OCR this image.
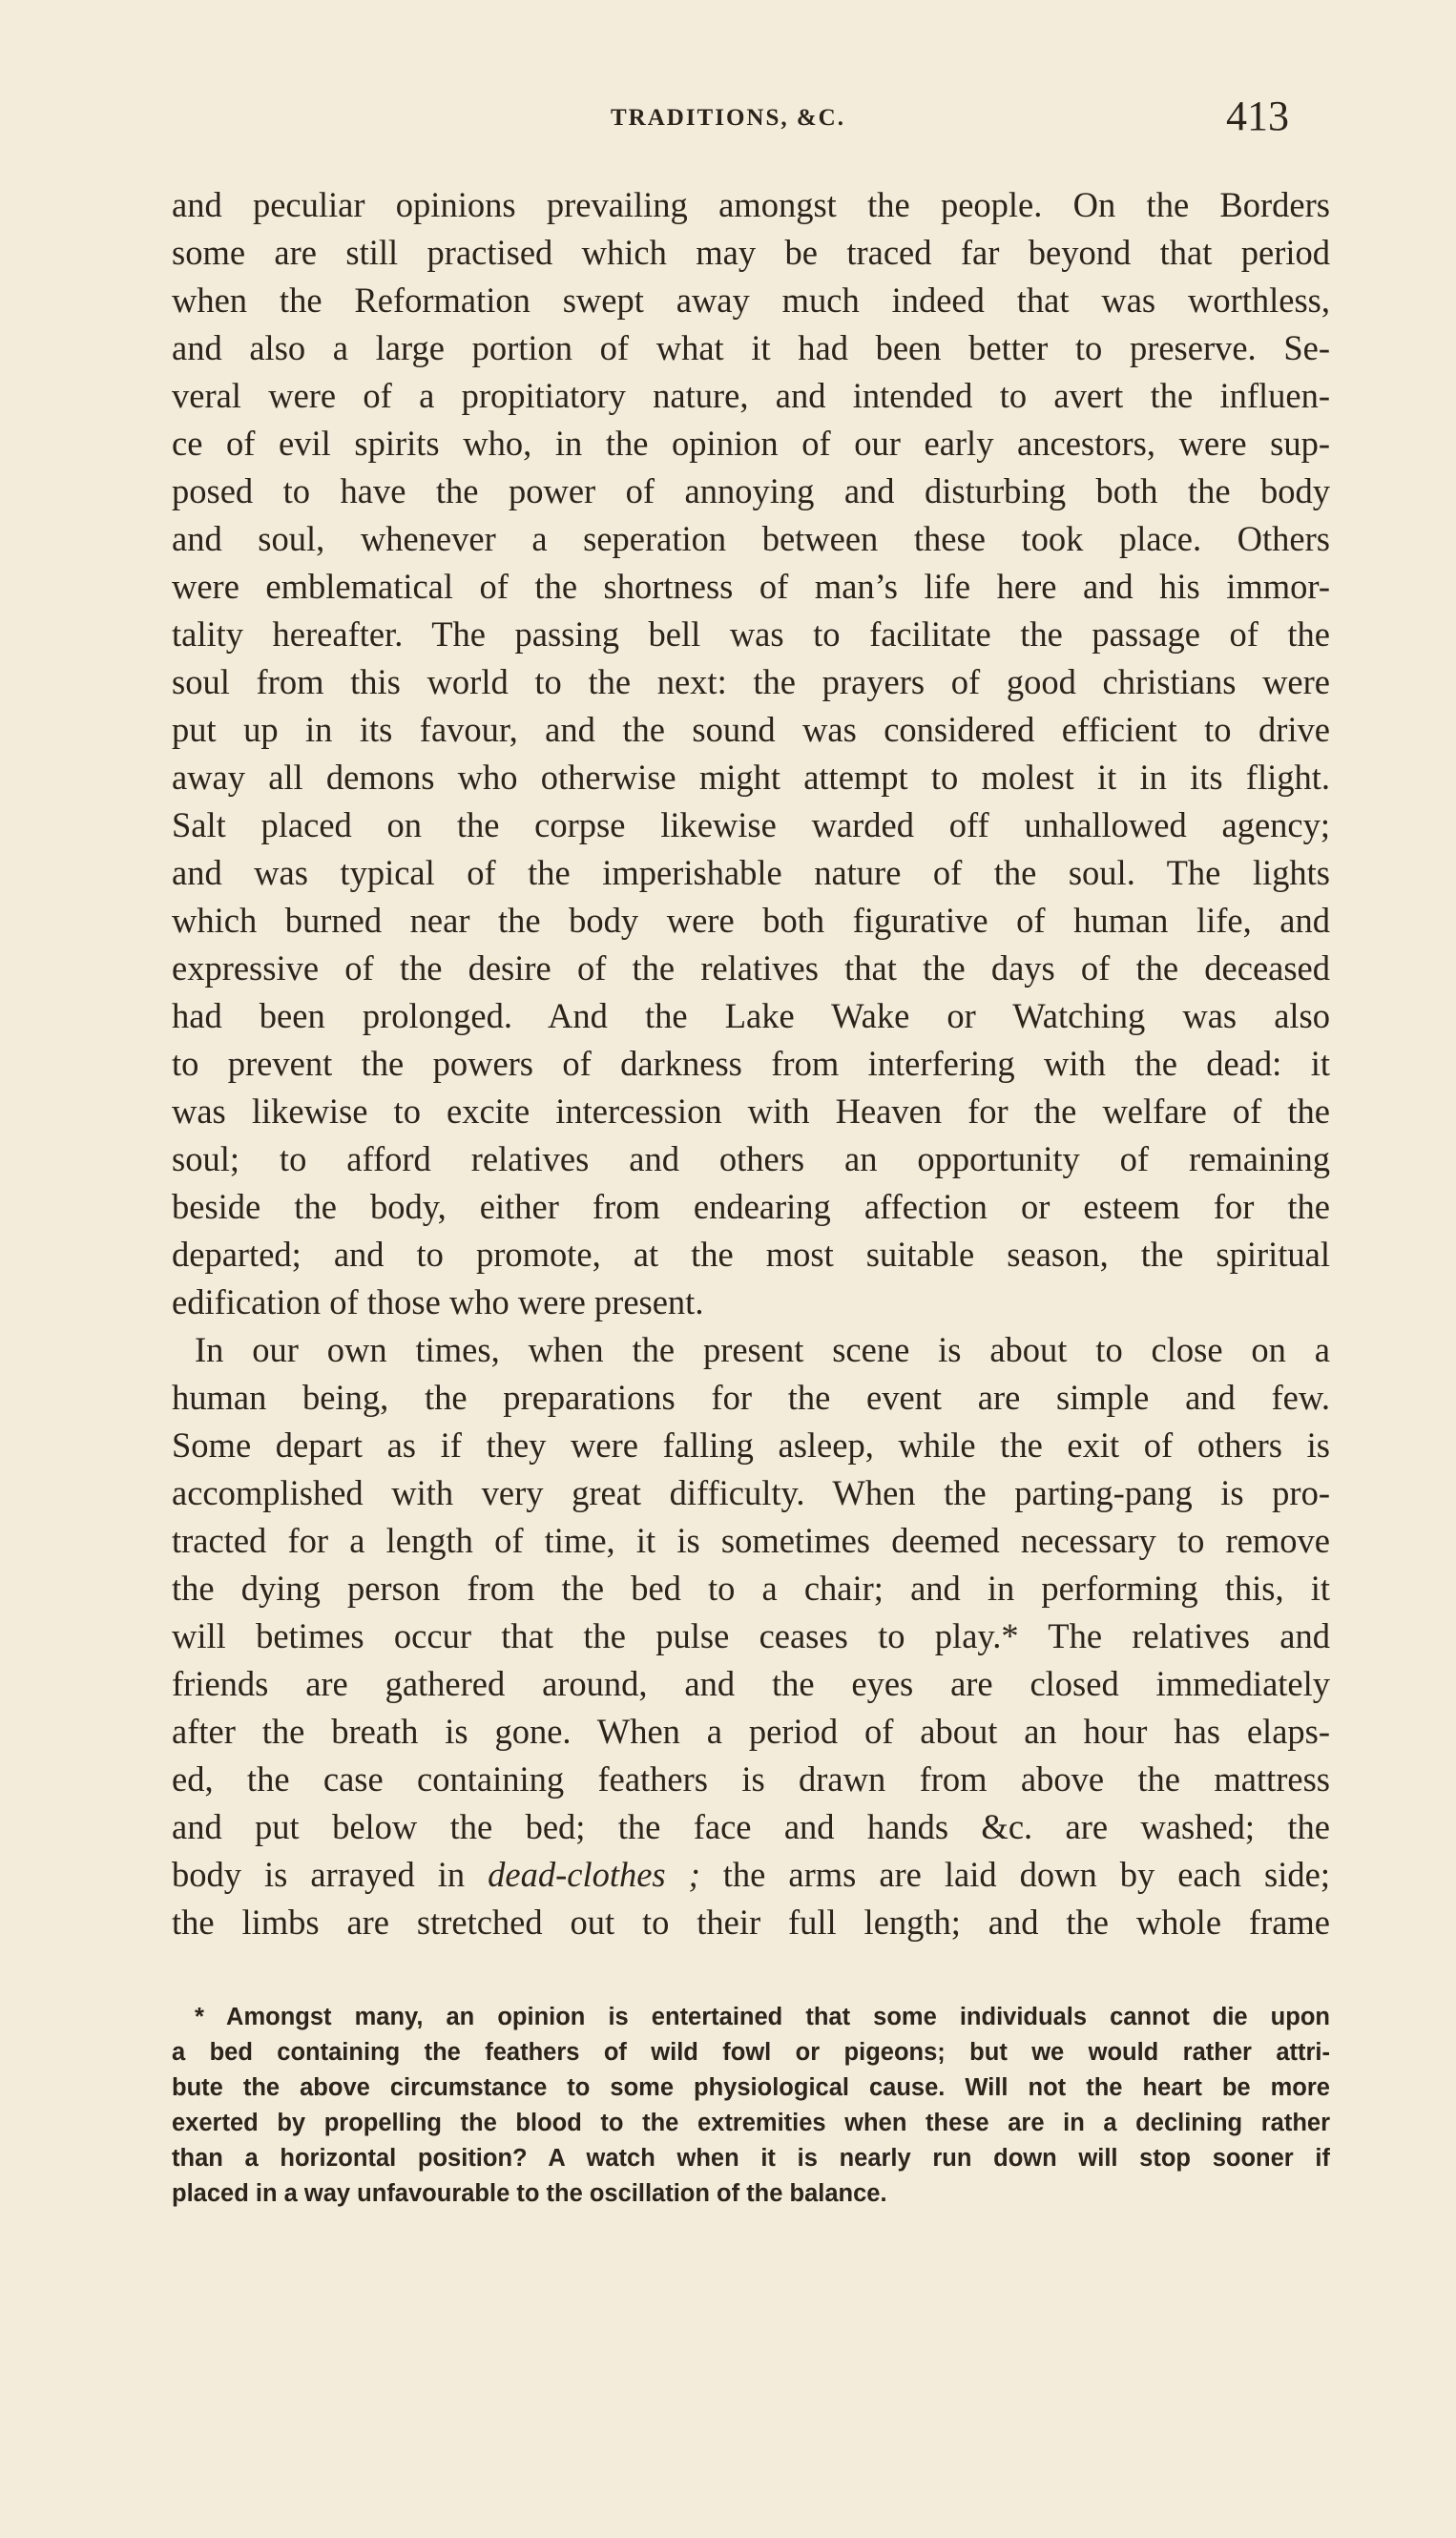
TRADITIONS, &C.	413
and peculiar opinions prevailing amongst the people. On the Borders
some are still practised which may be traced far beyond that period
when the Reformation swept away much indeed that was worthless,
and also a large portion of what it had been better to preserve. Se-
veral were of a propitiatory nature, and intended to avert the influen-
ce of evil spirits who, in the opinion of our early ancestors, were sup-
posed to have the power of annoying and disturbing both the body
and soul, whenever a seperation between these took place. Others
were emblematical of the shortness of man’s life here and his immor-
tality hereafter. The passing bell was to facilitate the passage of the
soul from this world to the next: the prayers of good christians were
put up in its favour, and the sound was considered efficient to drive
away all demons who otherwise might attempt to molest it in its flight.
Salt placed on the corpse likewise warded off unhallowed agency;
and was typical of the imperishable nature of the soul. The lights
which burned near the body were both figurative of human life, and
expressive of the desire of the relatives that the days of the deceased
had been prolonged. And the Lake Wake or Watching was also
to prevent the powers of darkness from interfering with the dead: it
was likewise to excite intercession with Heaven for the welfare of the
soul; to afford relatives and others an opportunity of remaining
beside the body, either from endearing affection or esteem for the
departed; and to promote, at the most suitable season, the spiritual
edification of those who were present.
In our own times, when the present scene is about to close on a
human being, the preparations for the event are simple and few.
Some depart as if they were falling asleep, while the exit of others is
accomplished with very great difficulty. When the parting-pang is pro-
tracted for a length of time, it is sometimes deemed necessary to remove
the dying person from the bed to a chair; and in performing this, it
will betimes occur that the pulse ceases to play.* The relatives and
friends are gathered around, and the eyes are closed immediately
after the breath is gone. When a period of about an hour has elaps-
ed, the case containing feathers is drawn from above the mattress
and put below the bed; the face and hands &c. are washed; the
body is arrayed in dead-clothes ; the arms are laid down by each side;
the limbs are stretched out to their full length; and the whole frame
* Amongst many, an opinion is entertained that some individuals cannot die upon
a bed containing the feathers of wild fowl or pigeons; but we would rather attri-
bute the above circumstance to some physiological cause. Will not the heart be more
exerted by propelling the blood to the extremities when these are in a declining rather
than a horizontal position? A watch when it is nearly run down will stop sooner if
placed in a way unfavourable to the oscillation of the balance.
